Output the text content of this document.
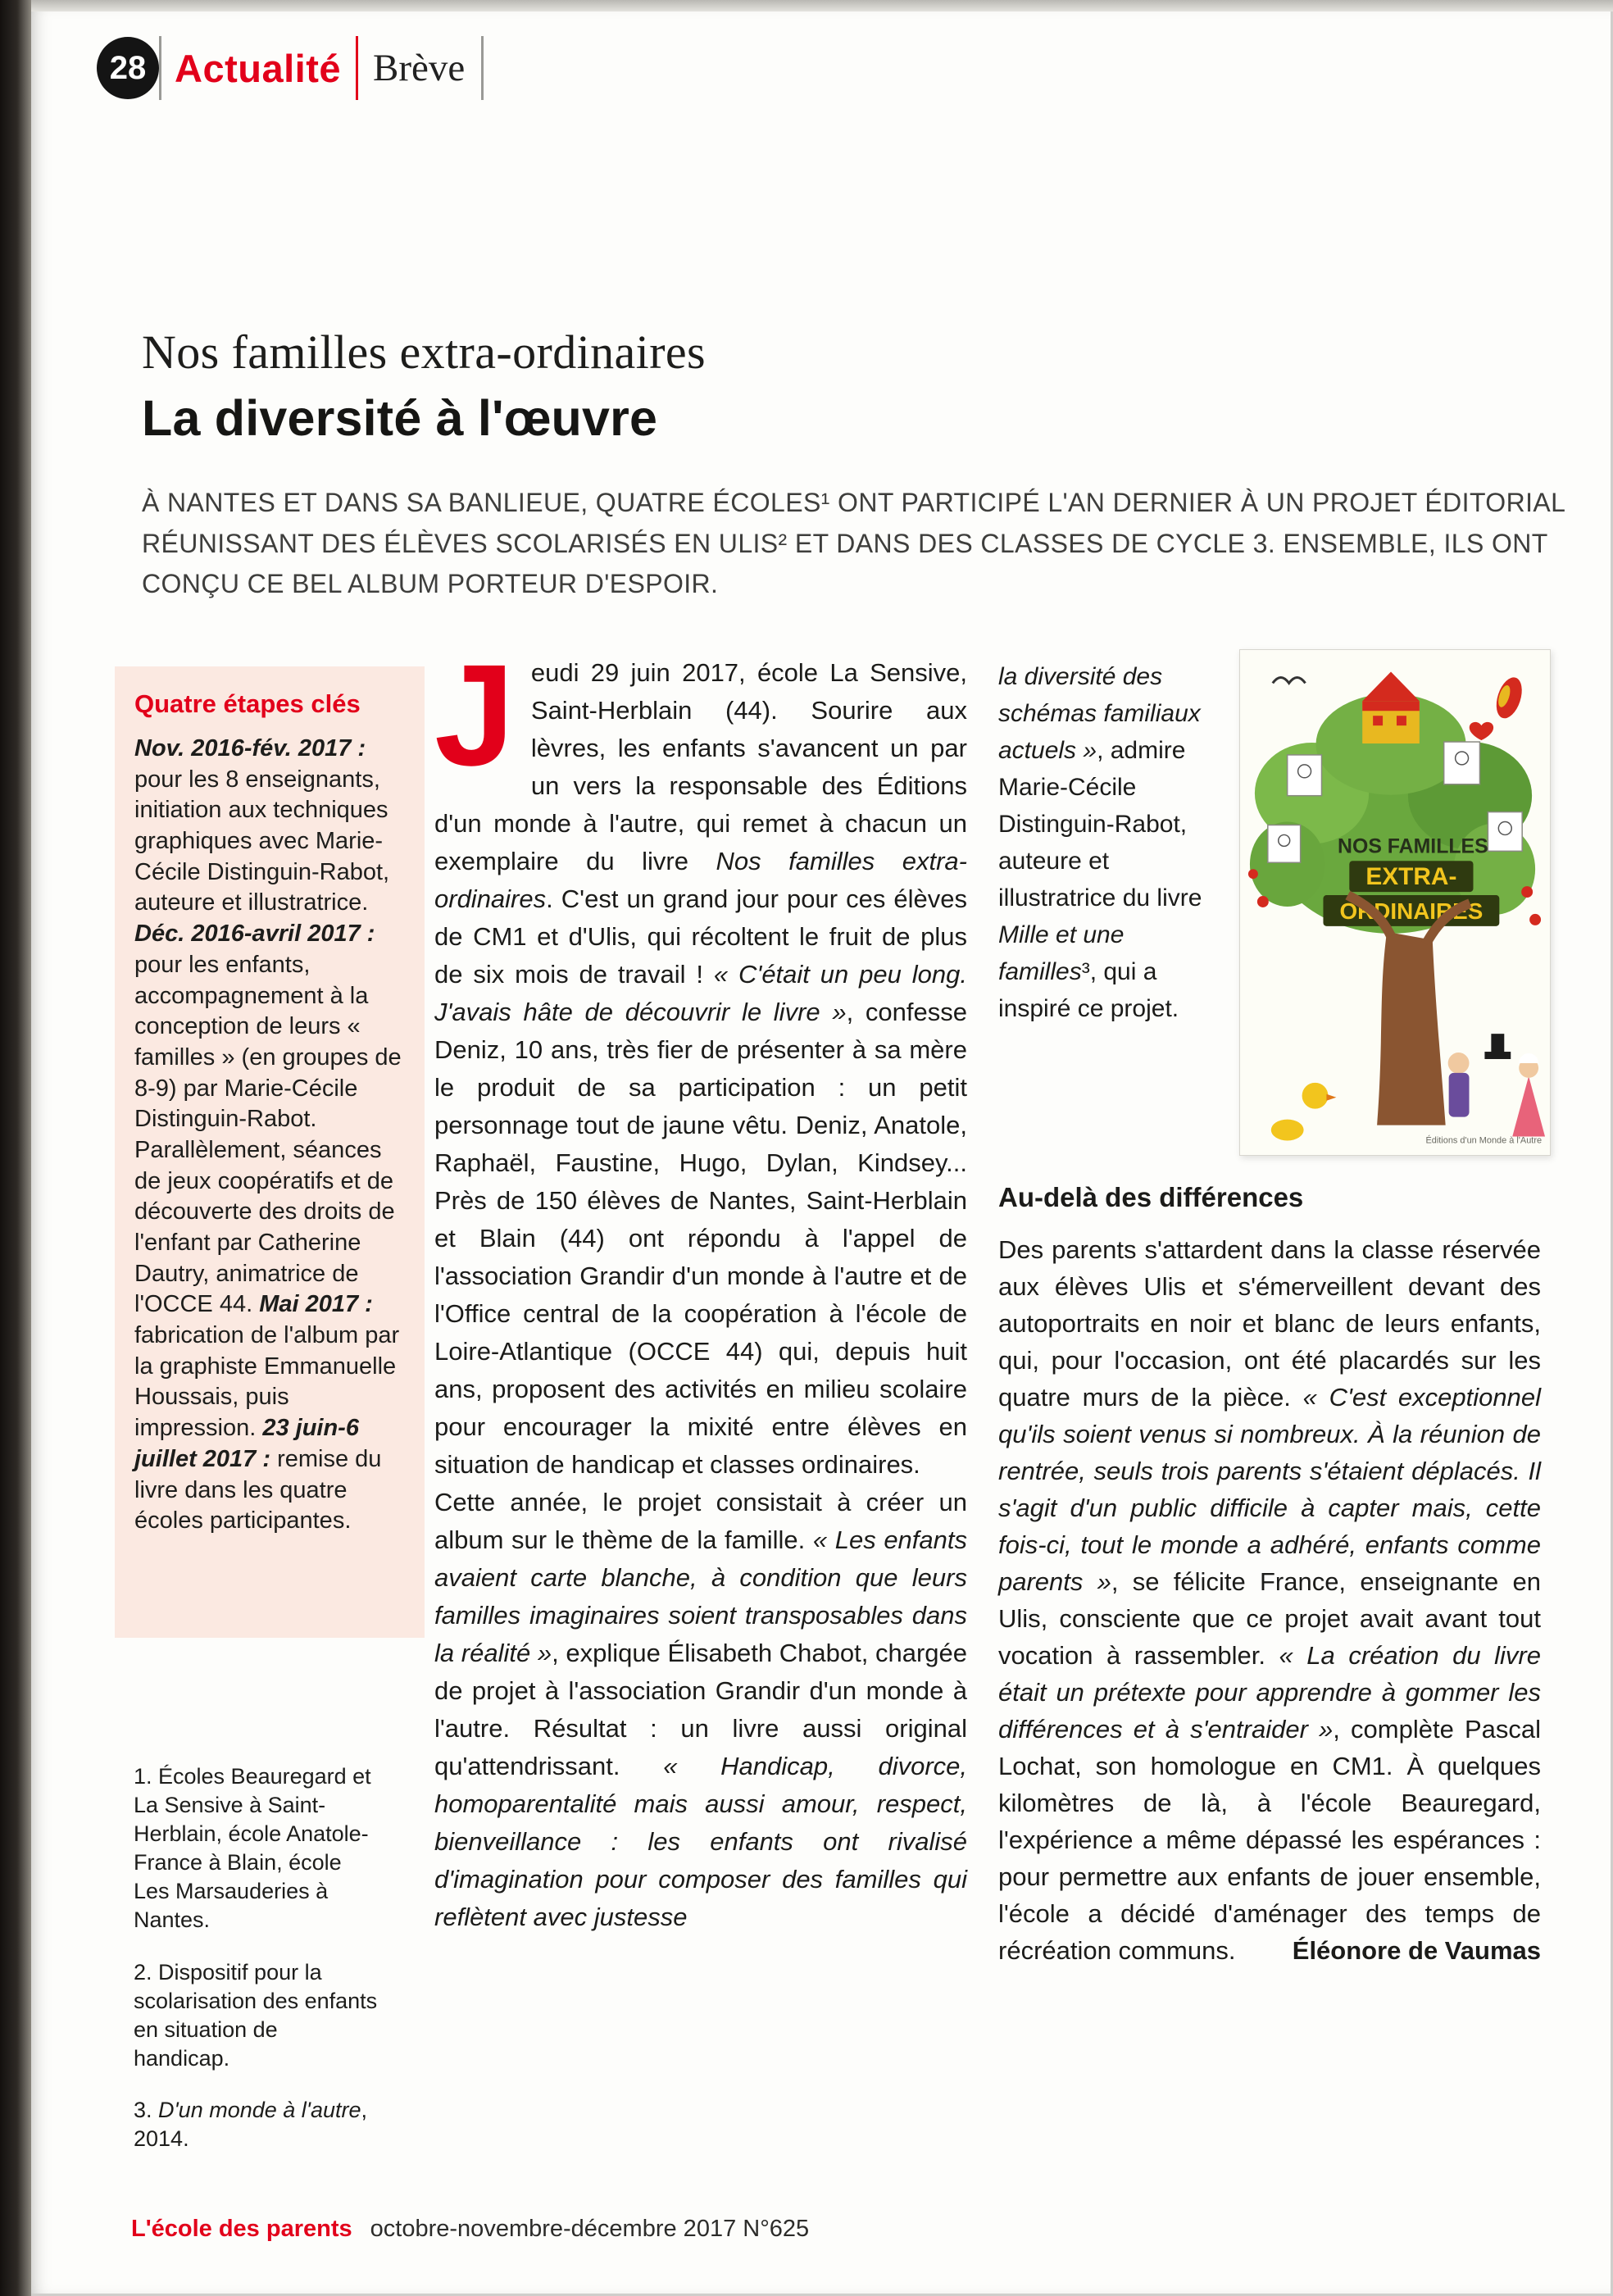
28 Actualité Brève
Nos familles extra-ordinaires
La diversité à l'œuvre

À NANTES ET DANS SA BANLIEUE, QUATRE ÉCOLES¹ ONT PARTICIPÉ L'AN DERNIER À UN PROJET ÉDITORIAL RÉUNISSANT DES ÉLÈVES SCOLARISÉS EN ULIS² ET DANS DES CLASSES DE CYCLE 3. ENSEMBLE, ILS ONT CONÇU CE BEL ALBUM PORTEUR D'ESPOIR.

Quatre étapes clés

Nov. 2016-fév. 2017 : pour les 8 enseignants, initiation aux techniques graphiques avec Marie-Cécile Distinguin-Rabot, auteure et illustratrice. Déc. 2016-avril 2017 : pour les enfants, accompagnement à la conception de leurs « familles » (en groupes de 8-9) par Marie-Cécile Distinguin-Rabot. Parallèlement, séances de jeux coopératifs et de découverte des droits de l'enfant par Catherine Dautry, animatrice de l'OCCE 44. Mai 2017 : fabrication de l'album par la graphiste Emmanuelle Houssais, puis impression. 23 juin-6 juillet 2017 : remise du livre dans les quatre écoles participantes.

1. Écoles Beauregard et La Sensive à Saint-Herblain, école Anatole-France à Blain, école Les Marsauderies à Nantes.

2. Dispositif pour la scolarisation des enfants en situation de handicap.

3. D'un monde à l'autre, 2014.

Jeudi 29 juin 2017, école La Sensive, Saint-Herblain (44). Sourire aux lèvres, les enfants s'avancent un par un vers la responsable des Éditions d'un monde à l'autre, qui remet à chacun un exemplaire du livre Nos familles extra-ordinaires. C'est un grand jour pour ces élèves de CM1 et d'Ulis, qui récoltent le fruit de plus de six mois de travail ! « C'était un peu long. J'avais hâte de découvrir le livre », confesse Deniz, 10 ans, très fier de présenter à sa mère le produit de sa participation : un petit personnage tout de jaune vêtu. Deniz, Anatole, Raphaël, Faustine, Hugo, Dylan, Kindsey... Près de 150 élèves de Nantes, Saint-Herblain et Blain (44) ont répondu à l'appel de l'association Grandir d'un monde à l'autre et de l'Office central de la coopération à l'école de Loire-Atlantique (OCCE 44) qui, depuis huit ans, proposent des activités en milieu scolaire pour encourager la mixité entre élèves en situation de handicap et classes ordinaires.

Cette année, le projet consistait à créer un album sur le thème de la famille. « Les enfants avaient carte blanche, à condition que leurs familles imaginaires soient transposables dans la réalité », explique Élisabeth Chabot, chargée de projet à l'association Grandir d'un monde à l'autre. Résultat : un livre aussi original qu'attendrissant. « Handicap, divorce, homoparentalité mais aussi amour, respect, bienveillance : les enfants ont rivalisé d'imagination pour composer des familles qui reflètent avec justesse

la diversité des schémas familiaux actuels », admire Marie-Cécile Distinguin-Rabot, auteure et illustratrice du livre Mille et une familles³, qui a inspiré ce projet.

NOS FAMILLES
EXTRA-
ORDINAIRES
Éditions d'un Monde à l'Autre
Au-delà des différences

Des parents s'attardent dans la classe réservée aux élèves Ulis et s'émerveillent devant des autoportraits en noir et blanc de leurs enfants, qui, pour l'occasion, ont été placardés sur les quatre murs de la pièce. « C'est exceptionnel qu'ils soient venus si nombreux. À la réunion de rentrée, seuls trois parents s'étaient déplacés. Il s'agit d'un public difficile à capter mais, cette fois-ci, tout le monde a adhéré, enfants comme parents », se félicite France, enseignante en Ulis, consciente que ce projet avait avant tout vocation à rassembler. « La création du livre était un prétexte pour apprendre à gommer les différences et à s'entraider », complète Pascal Lochat, son homologue en CM1. À quelques kilomètres de là, à l'école Beauregard, l'expérience a même dépassé les espérances : pour permettre aux enfants de jouer ensemble, l'école a décidé d'aménager des temps de récréation communs.	Éléonore de Vaumas

L'école des parents octobre-novembre-décembre 2017 N°625
